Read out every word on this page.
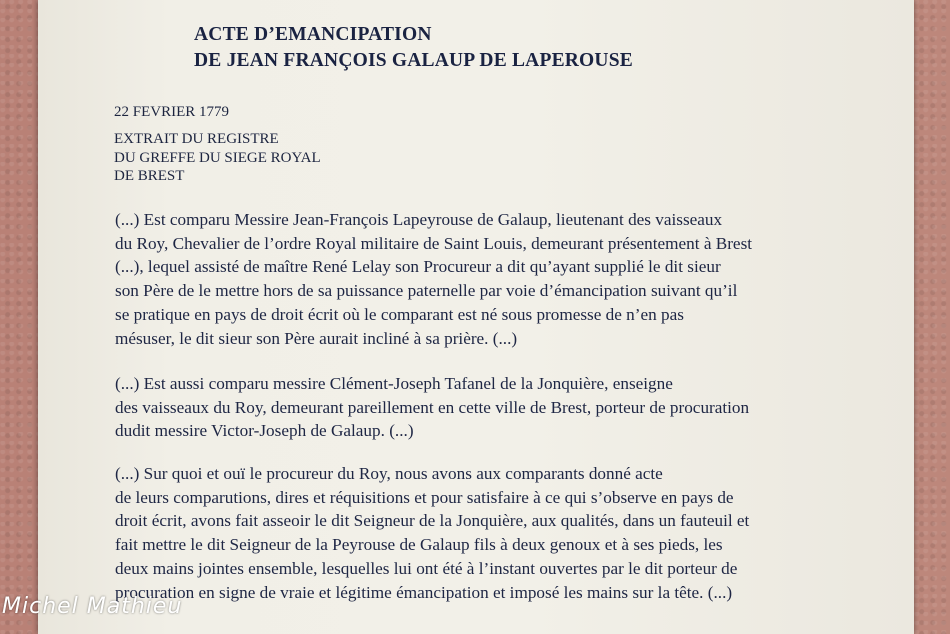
ACTE D’EMANCIPATION
DE JEAN FRANÇOIS GALAUP DE LAPEROUSE
22 FEVRIER 1779
EXTRAIT DU REGISTRE
DU GREFFE DU SIEGE ROYAL
DE BREST
(...) Est comparu Messire Jean-François Lapeyrouse de Galaup, lieutenant des vaisseaux
du Roy, Chevalier de l’ordre Royal militaire de Saint Louis, demeurant présentement à Brest
(...), lequel assisté de maître René Lelay son Procureur a dit qu’ayant supplié le dit sieur
son Père de le mettre hors de sa puissance paternelle par voie d’émancipation suivant qu’il
se pratique en pays de droit écrit où le comparant est né sous promesse de n’en pas
mésuser, le dit sieur son Père aurait incliné à sa prière. (...)
(...) Est aussi comparu messire Clément-Joseph Tafanel de la Jonquière, enseigne
des vaisseaux du Roy, demeurant pareillement en cette ville de Brest, porteur de procuration
dudit messire Victor-Joseph de Galaup. (...)
(...) Sur quoi et ouï le procureur du Roy, nous avons aux comparants donné acte
de leurs comparutions, dires et réquisitions et pour satisfaire à ce qui s’observe en pays de
droit écrit, avons fait asseoir le dit Seigneur de la Jonquière, aux qualités, dans un fauteuil et
fait mettre le dit Seigneur de la Peyrouse de Galaup fils à deux genoux et à ses pieds, les
deux mains jointes ensemble, lesquelles lui ont été à l’instant ouvertes par le dit porteur de
procuration en signe de vraie et légitime émancipation et imposé les mains sur la tête. (...)
Michel Mathieu
